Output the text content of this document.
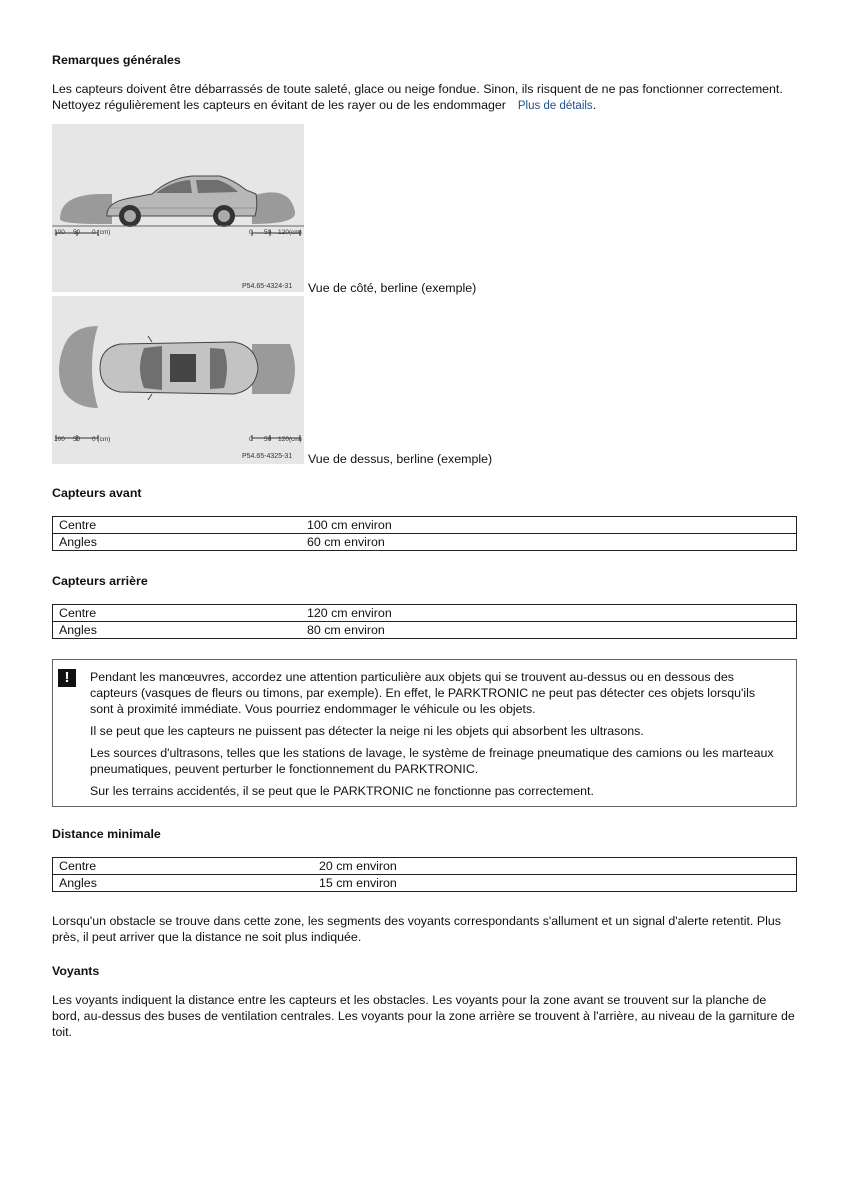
Remarques générales

Les capteurs doivent être débarrassés de toute saleté, glace ou neige fondue. Sinon, ils risquent de ne pas fonctionner correctement. Nettoyez régulièrement les capteurs en évitant de les rayer ou de les endommager Plus de détails.

100 50 0 (cm)	0 50 120(cm)
P54.65-4324-31 Vue de côté, berline (exemple)
100 50 0 (cm)	0 50 120(cm)
P54.65-4325-31 Vue de dessus, berline (exemple)
Capteurs avant
Centre	100 cm environ
Angles	60 cm environ
Capteurs arrière
Centre	120 cm environ
Angles	80 cm environ
!	Pendant les manœuvres, accordez une attention particulière aux objets qui se trouvent au-dessus ou en dessous des capteurs (vasques de fleurs ou timons, par exemple). En effet, le PARKTRONIC ne peut pas détecter ces objets lorsqu'ils sont à proximité immédiate. Vous pourriez endommager le véhicule ou les objets.

Il se peut que les capteurs ne puissent pas détecter la neige ni les objets qui absorbent les ultrasons.

Les sources d'ultrasons, telles que les stations de lavage, le système de freinage pneumatique des camions ou les marteaux pneumatiques, peuvent perturber le fonctionnement du PARKTRONIC.

Sur les terrains accidentés, il se peut que le PARKTRONIC ne fonctionne pas correctement.

Distance minimale
Centre	20 cm environ
Angles	15 cm environ

Lorsqu'un obstacle se trouve dans cette zone, les segments des voyants correspondants s'allument et un signal d'alerte retentit. Plus près, il peut arriver que la distance ne soit plus indiquée.

Voyants

Les voyants indiquent la distance entre les capteurs et les obstacles. Les voyants pour la zone avant se trouvent sur la planche de bord, au-dessus des buses de ventilation centrales. Les voyants pour la zone arrière se trouvent à l'arrière, au niveau de la garniture de toit.
